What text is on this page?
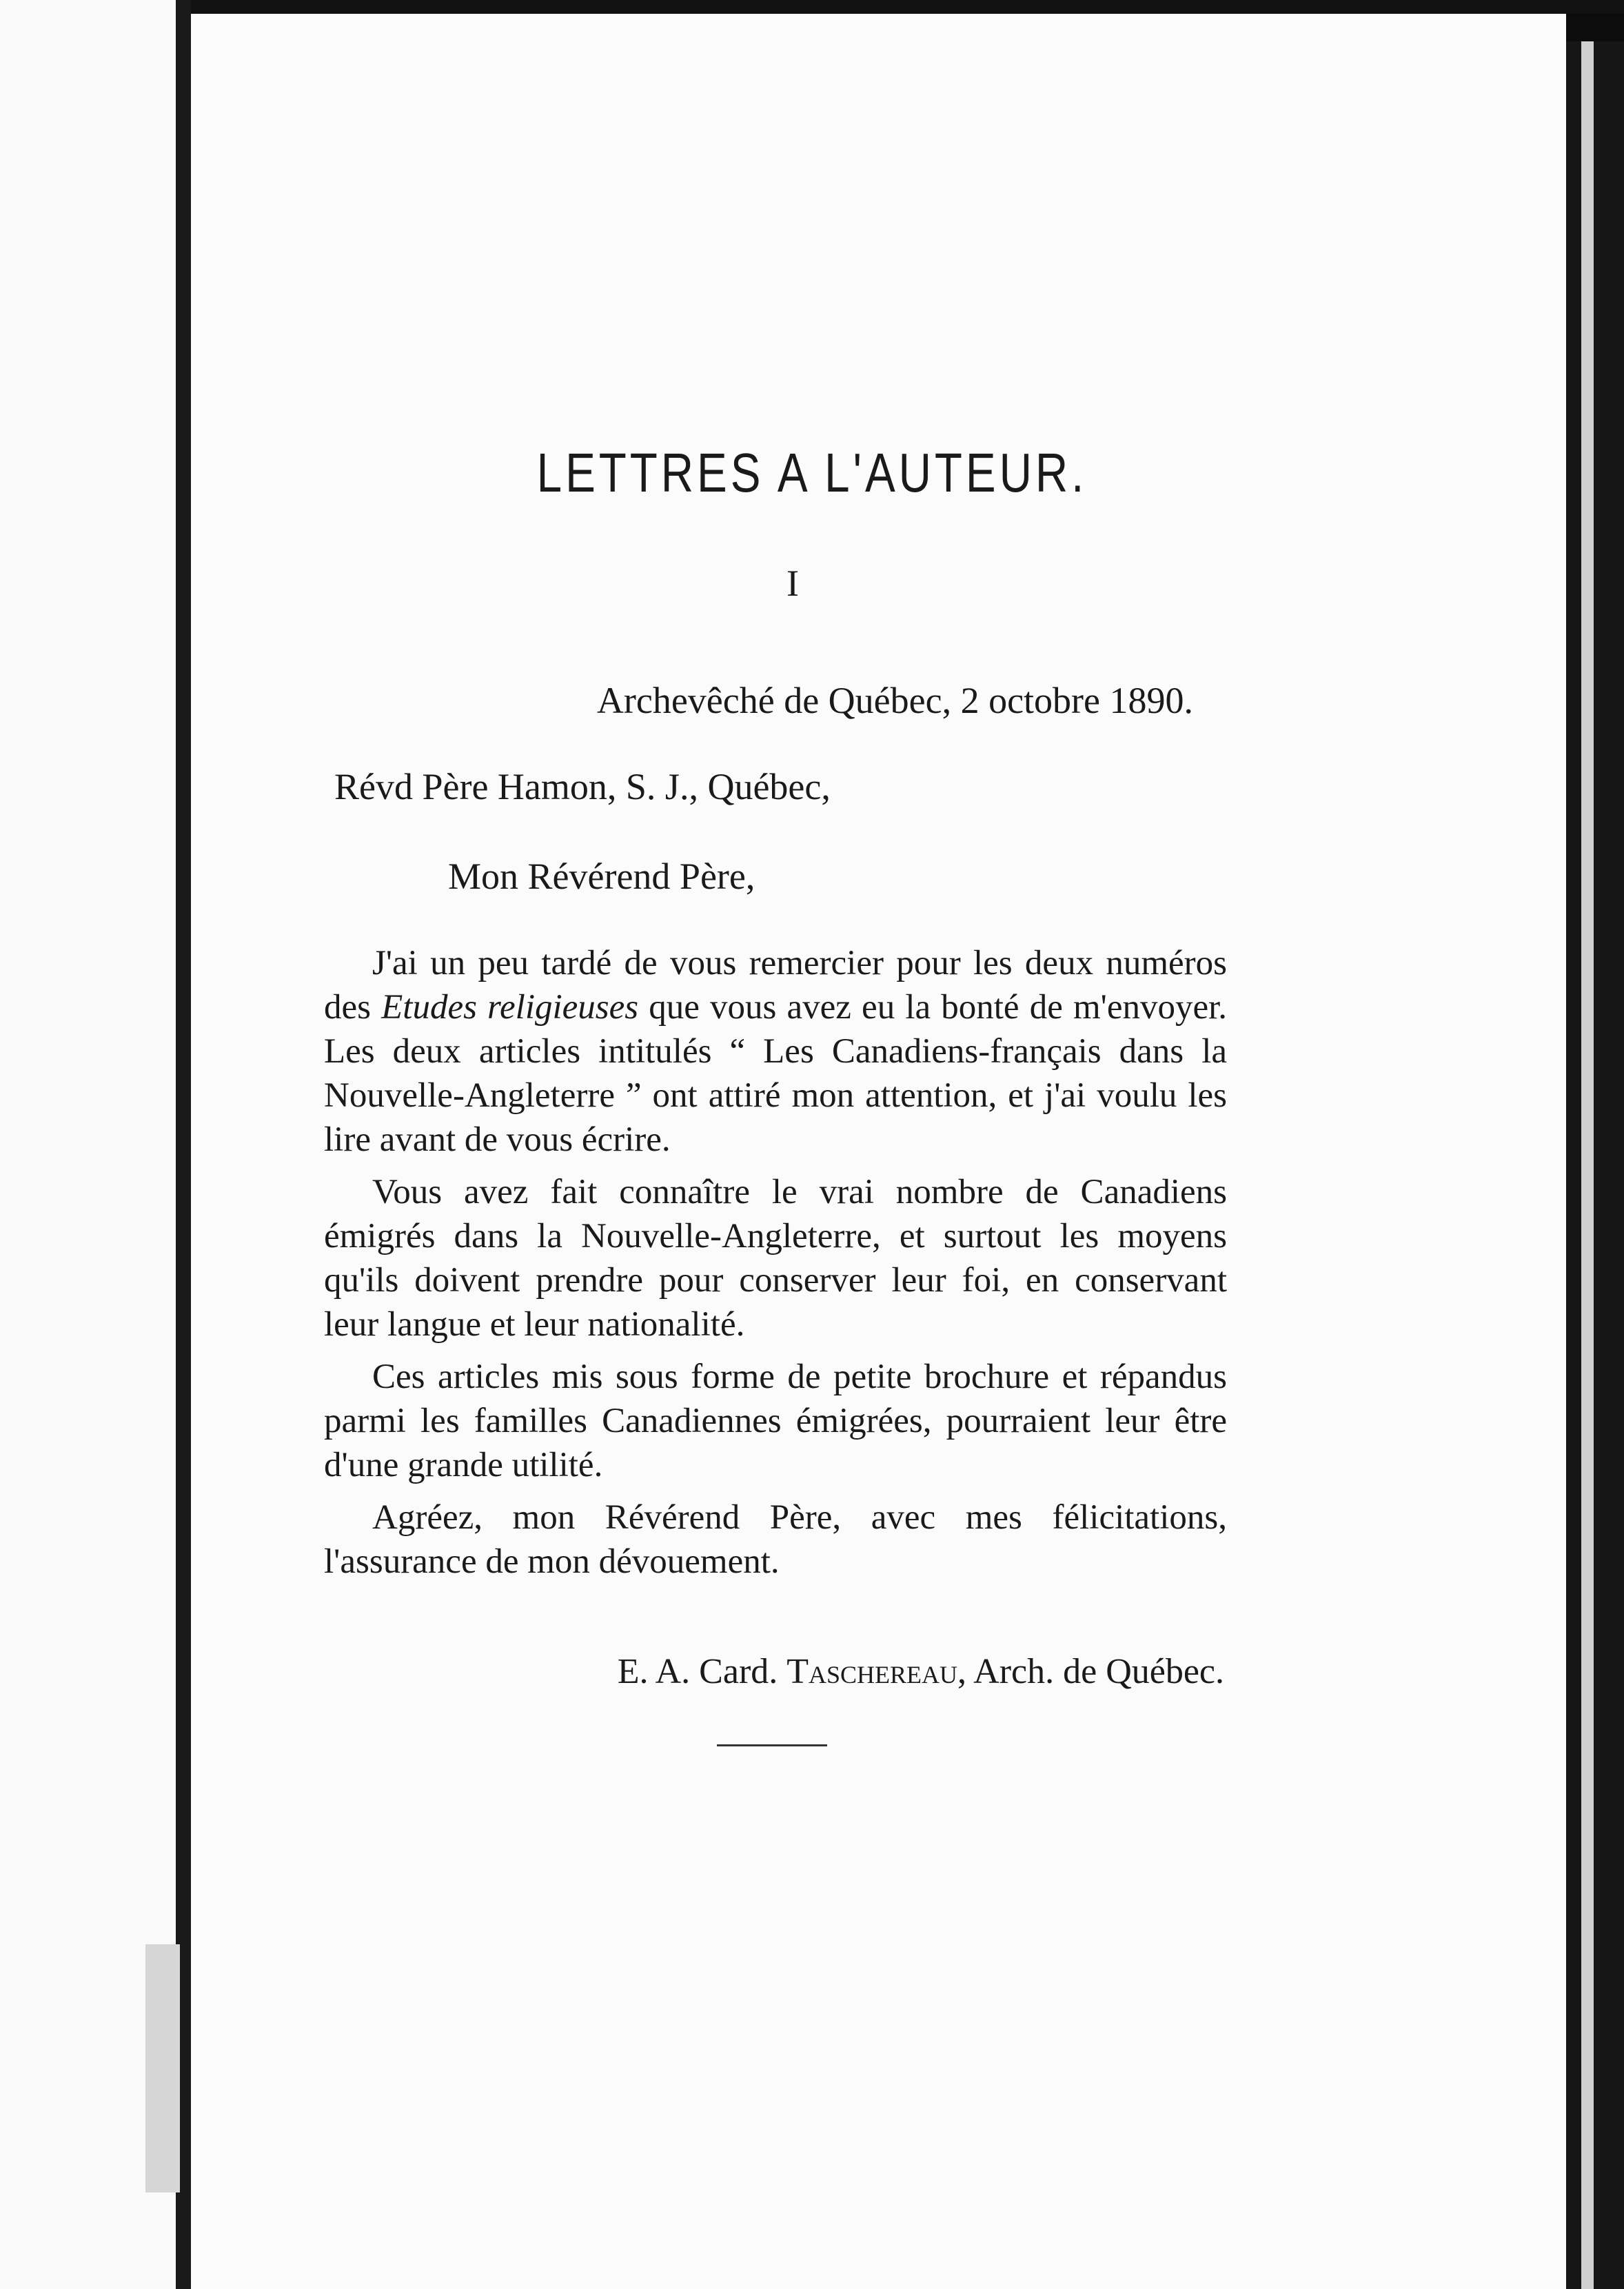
LETTRES A L'AUTEUR.
I
Archevêché de Québec, 2 octobre 1890.
Révd Père Hamon, S. J., Québec,
Mon Révérend Père,

J'ai un peu tardé de vous remercier pour les deux numéros des Etudes religieuses que vous avez eu la bonté de m'envoyer. Les deux articles intitulés “ Les Canadiens-français dans la Nouvelle-Angleterre ” ont attiré mon attention, et j'ai voulu les lire avant de vous écrire.

Vous avez fait connaître le vrai nombre de Canadiens émigrés dans la Nouvelle-Angleterre, et surtout les moyens qu'ils doivent prendre pour conserver leur foi, en conservant leur langue et leur nationalité.

Ces articles mis sous forme de petite brochure et répandus parmi les familles Canadiennes émigrées, pourraient leur être d'une grande utilité.

Agréez, mon Révérend Père, avec mes félicitations, l'assurance de mon dévouement.

E. A. Card. Taschereau, Arch. de Québec.
